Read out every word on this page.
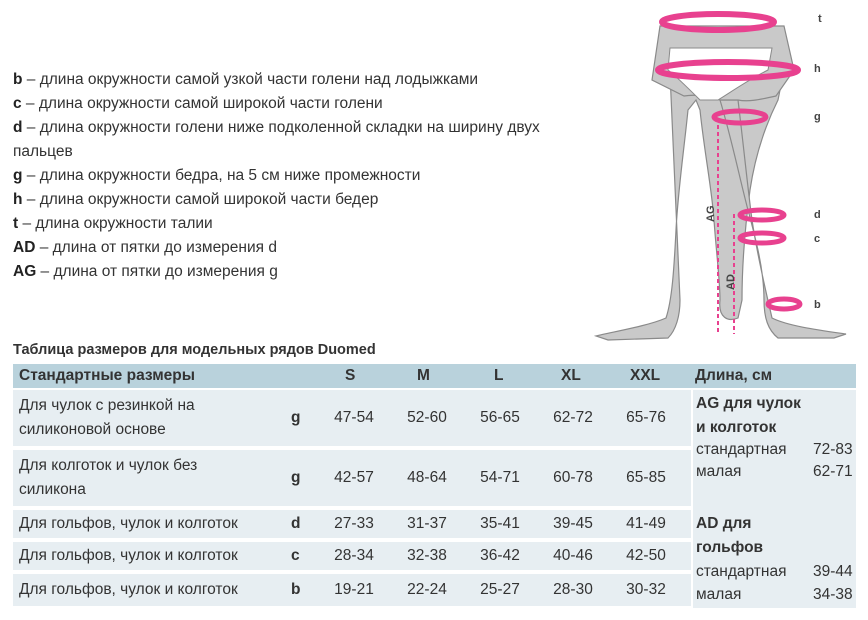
b – длина окружности самой узкой части голени над лодыжками
c – длина окружности самой широкой части голени
d – длина окружности голени ниже подколенной складки на ширину двух пальцев
g – длина окружности бедра, на 5 см ниже промежности
h – длина окружности самой широкой части бедер
t – длина окружности талии
AD – длина от пятки до измерения d
AG – длина от пятки до измерения g
t
h
g
d
c
b
AG
AD
Таблица размеров для модельных рядов Duomed
Стандартные размеры	S	M	L	XL	XXL Длина, см
Для чулок с резинкой на
силиконовой основе
g	47-54	52-60	56-65	62-72	65-76
Для колготок и чулок без
силикона
g	42-57	48-64	54-71	60-78	65-85
Для гольфов, чулок и колготок	d	27-33	31-37	35-41	39-45	41-49
Для гольфов, чулок и колготок	c	28-34	32-38	36-42	40-46	42-50
Для гольфов, чулок и колготок	b	19-21	22-24	25-27	28-30	30-32
AG для чулок
и колготок
стандартная 72-83
малая	62-71
AD для
гольфов
стандартная 39-44
малая	34-38
